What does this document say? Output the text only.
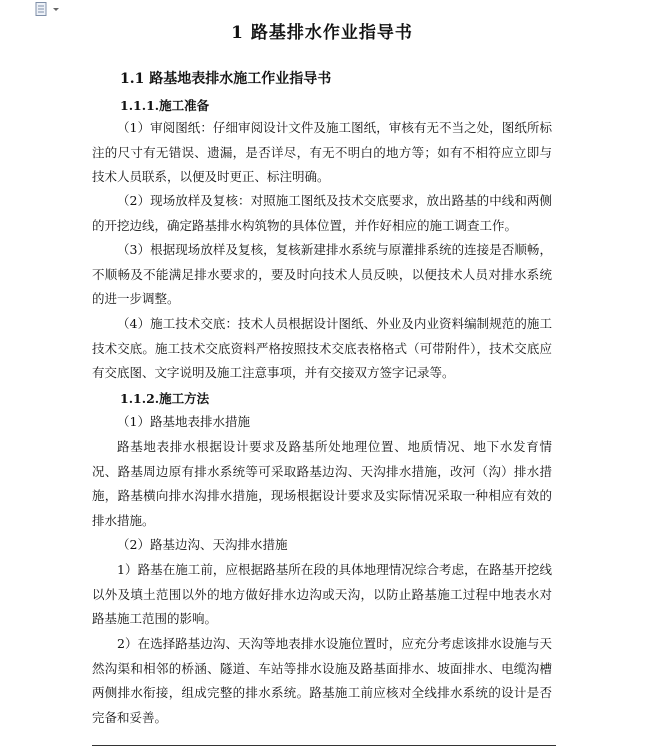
1 路基排水作业指导书
1.1 路基地表排水施工作业指导书
1.1.1.施工准备

（1）审阅图纸：仔细审阅设计文件及施工图纸，审核有无不当之处，图纸所标注的尺寸有无错误、遗漏，是否详尽，有无不明白的地方等；如有不相符应立即与技术人员联系，以便及时更正、标注明确。

（2）现场放样及复核：对照施工图纸及技术交底要求，放出路基的中线和两侧的开挖边线，确定路基排水构筑物的具体位置，并作好相应的施工调查工作。

（3）根据现场放样及复核，复核新建排水系统与原灌排系统的连接是否顺畅，不顺畅及不能满足排水要求的，要及时向技术人员反映，以便技术人员对排水系统的进一步调整。

（4）施工技术交底：技术人员根据设计图纸、外业及内业资料编制规范的施工技术交底。施工技术交底资料严格按照技术交底表格格式（可带附件），技术交底应有交底图、文字说明及施工注意事项，并有交接双方签字记录等。

1.1.2.施工方法

（1）路基地表排水措施

路基地表排水根据设计要求及路基所处地理位置、地质情况、地下水发育情况、路基周边原有排水系统等可采取路基边沟、天沟排水措施，改河（沟）排水措施，路基横向排水沟排水措施，现场根据设计要求及实际情况采取一种相应有效的排水措施。

（2）路基边沟、天沟排水措施

1）路基在施工前，应根据路基所在段的具体地理情况综合考虑，在路基开挖线以外及填土范围以外的地方做好排水边沟或天沟，以防止路基施工过程中地表水对路基施工范围的影响。

2）在选择路基边沟、天沟等地表排水设施位置时，应充分考虑该排水设施与天然沟渠和相邻的桥涵、隧道、车站等排水设施及路基面排水、坡面排水、电缆沟槽两侧排水衔接，组成完整的排水系统。路基施工前应核对全线排水系统的设计是否完备和妥善。
